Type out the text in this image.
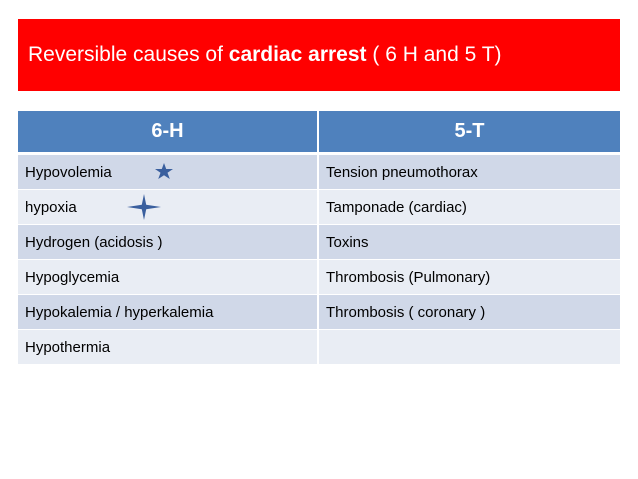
Reversible causes of cardiac arrest ( 6 H and 5 T)
6-H	5-T
Hypovolemia	Tension pneumothorax
hypoxia	Tamponade (cardiac)
Hydrogen (acidosis )	Toxins
Hypoglycemia	Thrombosis (Pulmonary)
Hypokalemia / hyperkalemia	Thrombosis ( coronary )
Hypothermia	
